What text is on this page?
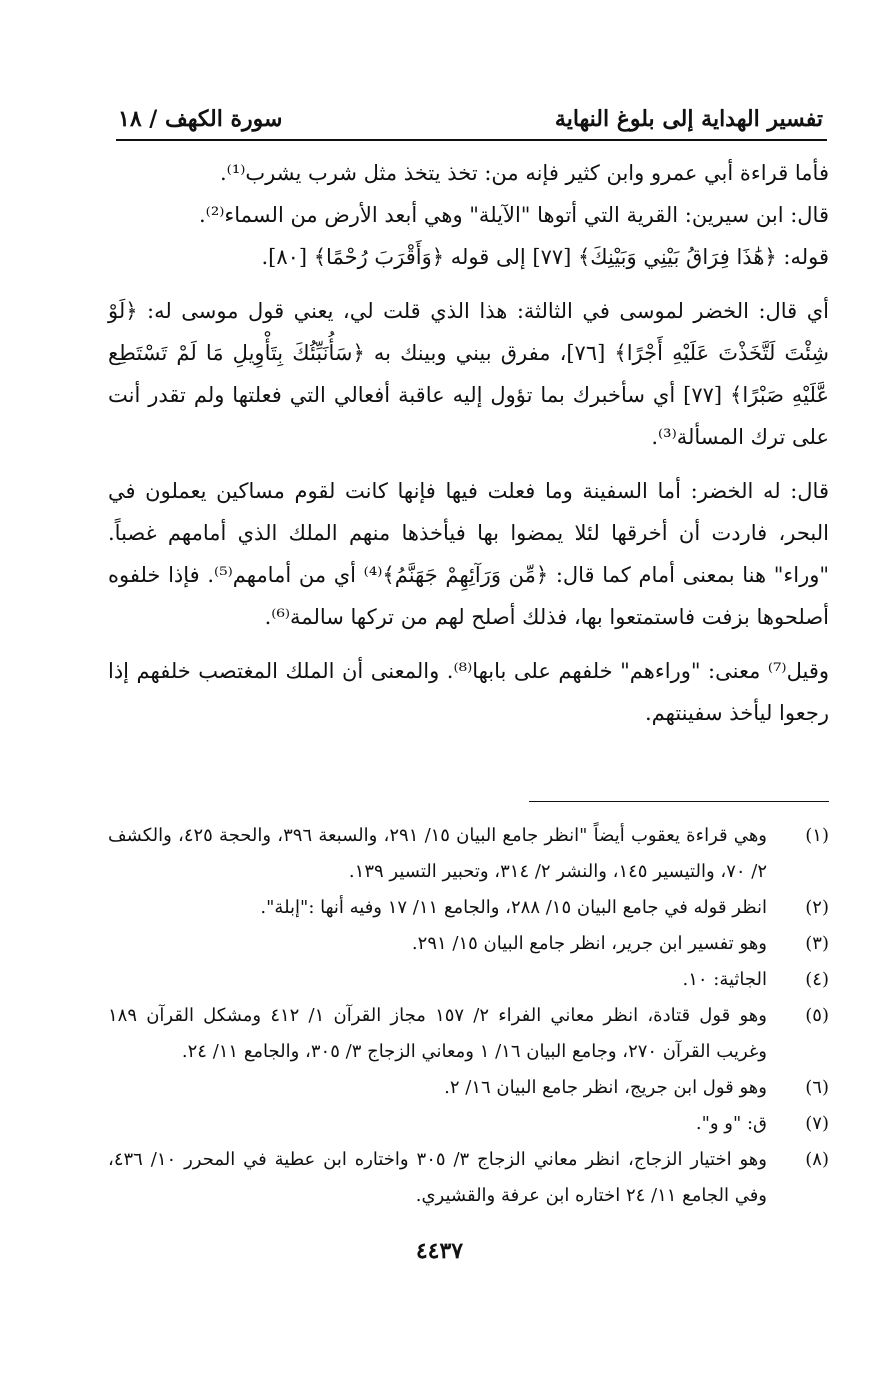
تفسير الهداية إلى بلوغ النهاية
سورة الكهف / ١٨

فأما قراءة أبي عمرو وابن كثير فإنه من: تخذ يتخذ مثل شرب يشرب⁽¹⁾.

قال: ابن سيرين: القرية التي أتوها "الآيلة" وهي أبعد الأرض من السماء⁽²⁾.

قوله: ﴿هَٰذَا فِرَاقُ بَيْنِي وَبَيْنِكَ﴾ [٧٧] إلى قوله ﴿وَأَقْرَبَ رُحْمًا﴾ [٨٠].

أي قال: الخضر لموسى في الثالثة: هذا الذي قلت لي، يعني قول موسى له: ﴿لَوْ شِئْتَ لَتَّخَذْتَ عَلَيْهِ أَجْرًا﴾ [٧٦]، مفرق بيني وبينك به ﴿سَأُنَبِّئُكَ بِتَأْوِيلِ مَا لَمْ تَسْتَطِع عَّلَيْهِ صَبْرًا﴾ [٧٧] أي سأخبرك بما تؤول إليه عاقبة أفعالي التي فعلتها ولم تقدر أنت على ترك المسألة⁽³⁾.

قال: له الخضر: أما السفينة وما فعلت فيها فإنها كانت لقوم مساكين يعملون في البحر، فاردت أن أخرقها لئلا يمضوا بها فيأخذها منهم الملك الذي أمامهم غصباً. "وراء" هنا بمعنى أمام كما قال: ﴿مِّن وَرَآئِهِمْ جَهَنَّمُ﴾⁽⁴⁾ أي من أمامهم⁽⁵⁾. فإذا خلفوه أصلحوها بزفت فاستمتعوا بها، فذلك أصلح لهم من تركها سالمة⁽⁶⁾.

وقيل⁽⁷⁾ معنى: "وراءهم" خلفهم على بابها⁽⁸⁾. والمعنى أن الملك المغتصب خلفهم إذا رجعوا ليأخذ سفينتهم.

(١)
وهي قراءة يعقوب أيضاً "انظر جامع البيان ١٥/ ٢٩١، والسبعة ٣٩٦، والحجة ٤٢٥، والكشف ٢/ ٧٠، والتيسير ١٤٥، والنشر ٢/ ٣١٤، وتحبير التسير ١٣٩.
(٢)
انظر قوله في جامع البيان ١٥/ ٢٨٨، والجامع ١١/ ١٧ وفيه أنها :"إبلة".
(٣)
وهو تفسير ابن جرير، انظر جامع البيان ١٥/ ٢٩١.
(٤)
الجاثية: ١٠.
(٥)
وهو قول قتادة، انظر معاني الفراء ٢/ ١٥٧ مجاز القرآن ١/ ٤١٢ ومشكل القرآن ١٨٩ وغريب القرآن ٢٧٠، وجامع البيان ١٦/ ١ ومعاني الزجاج ٣/ ٣٠٥، والجامع ١١/ ٢٤.
(٦)
وهو قول ابن جريج، انظر جامع البيان ١٦/ ٢.
(٧)
ق: "و و".
(٨)
وهو اختيار الزجاج، انظر معاني الزجاج ٣/ ٣٠٥ واختاره ابن عطية في المحرر ١٠/ ٤٣٦، وفي الجامع ١١/ ٢٤ اختاره ابن عرفة والقشيري.
٤٤٣٧
